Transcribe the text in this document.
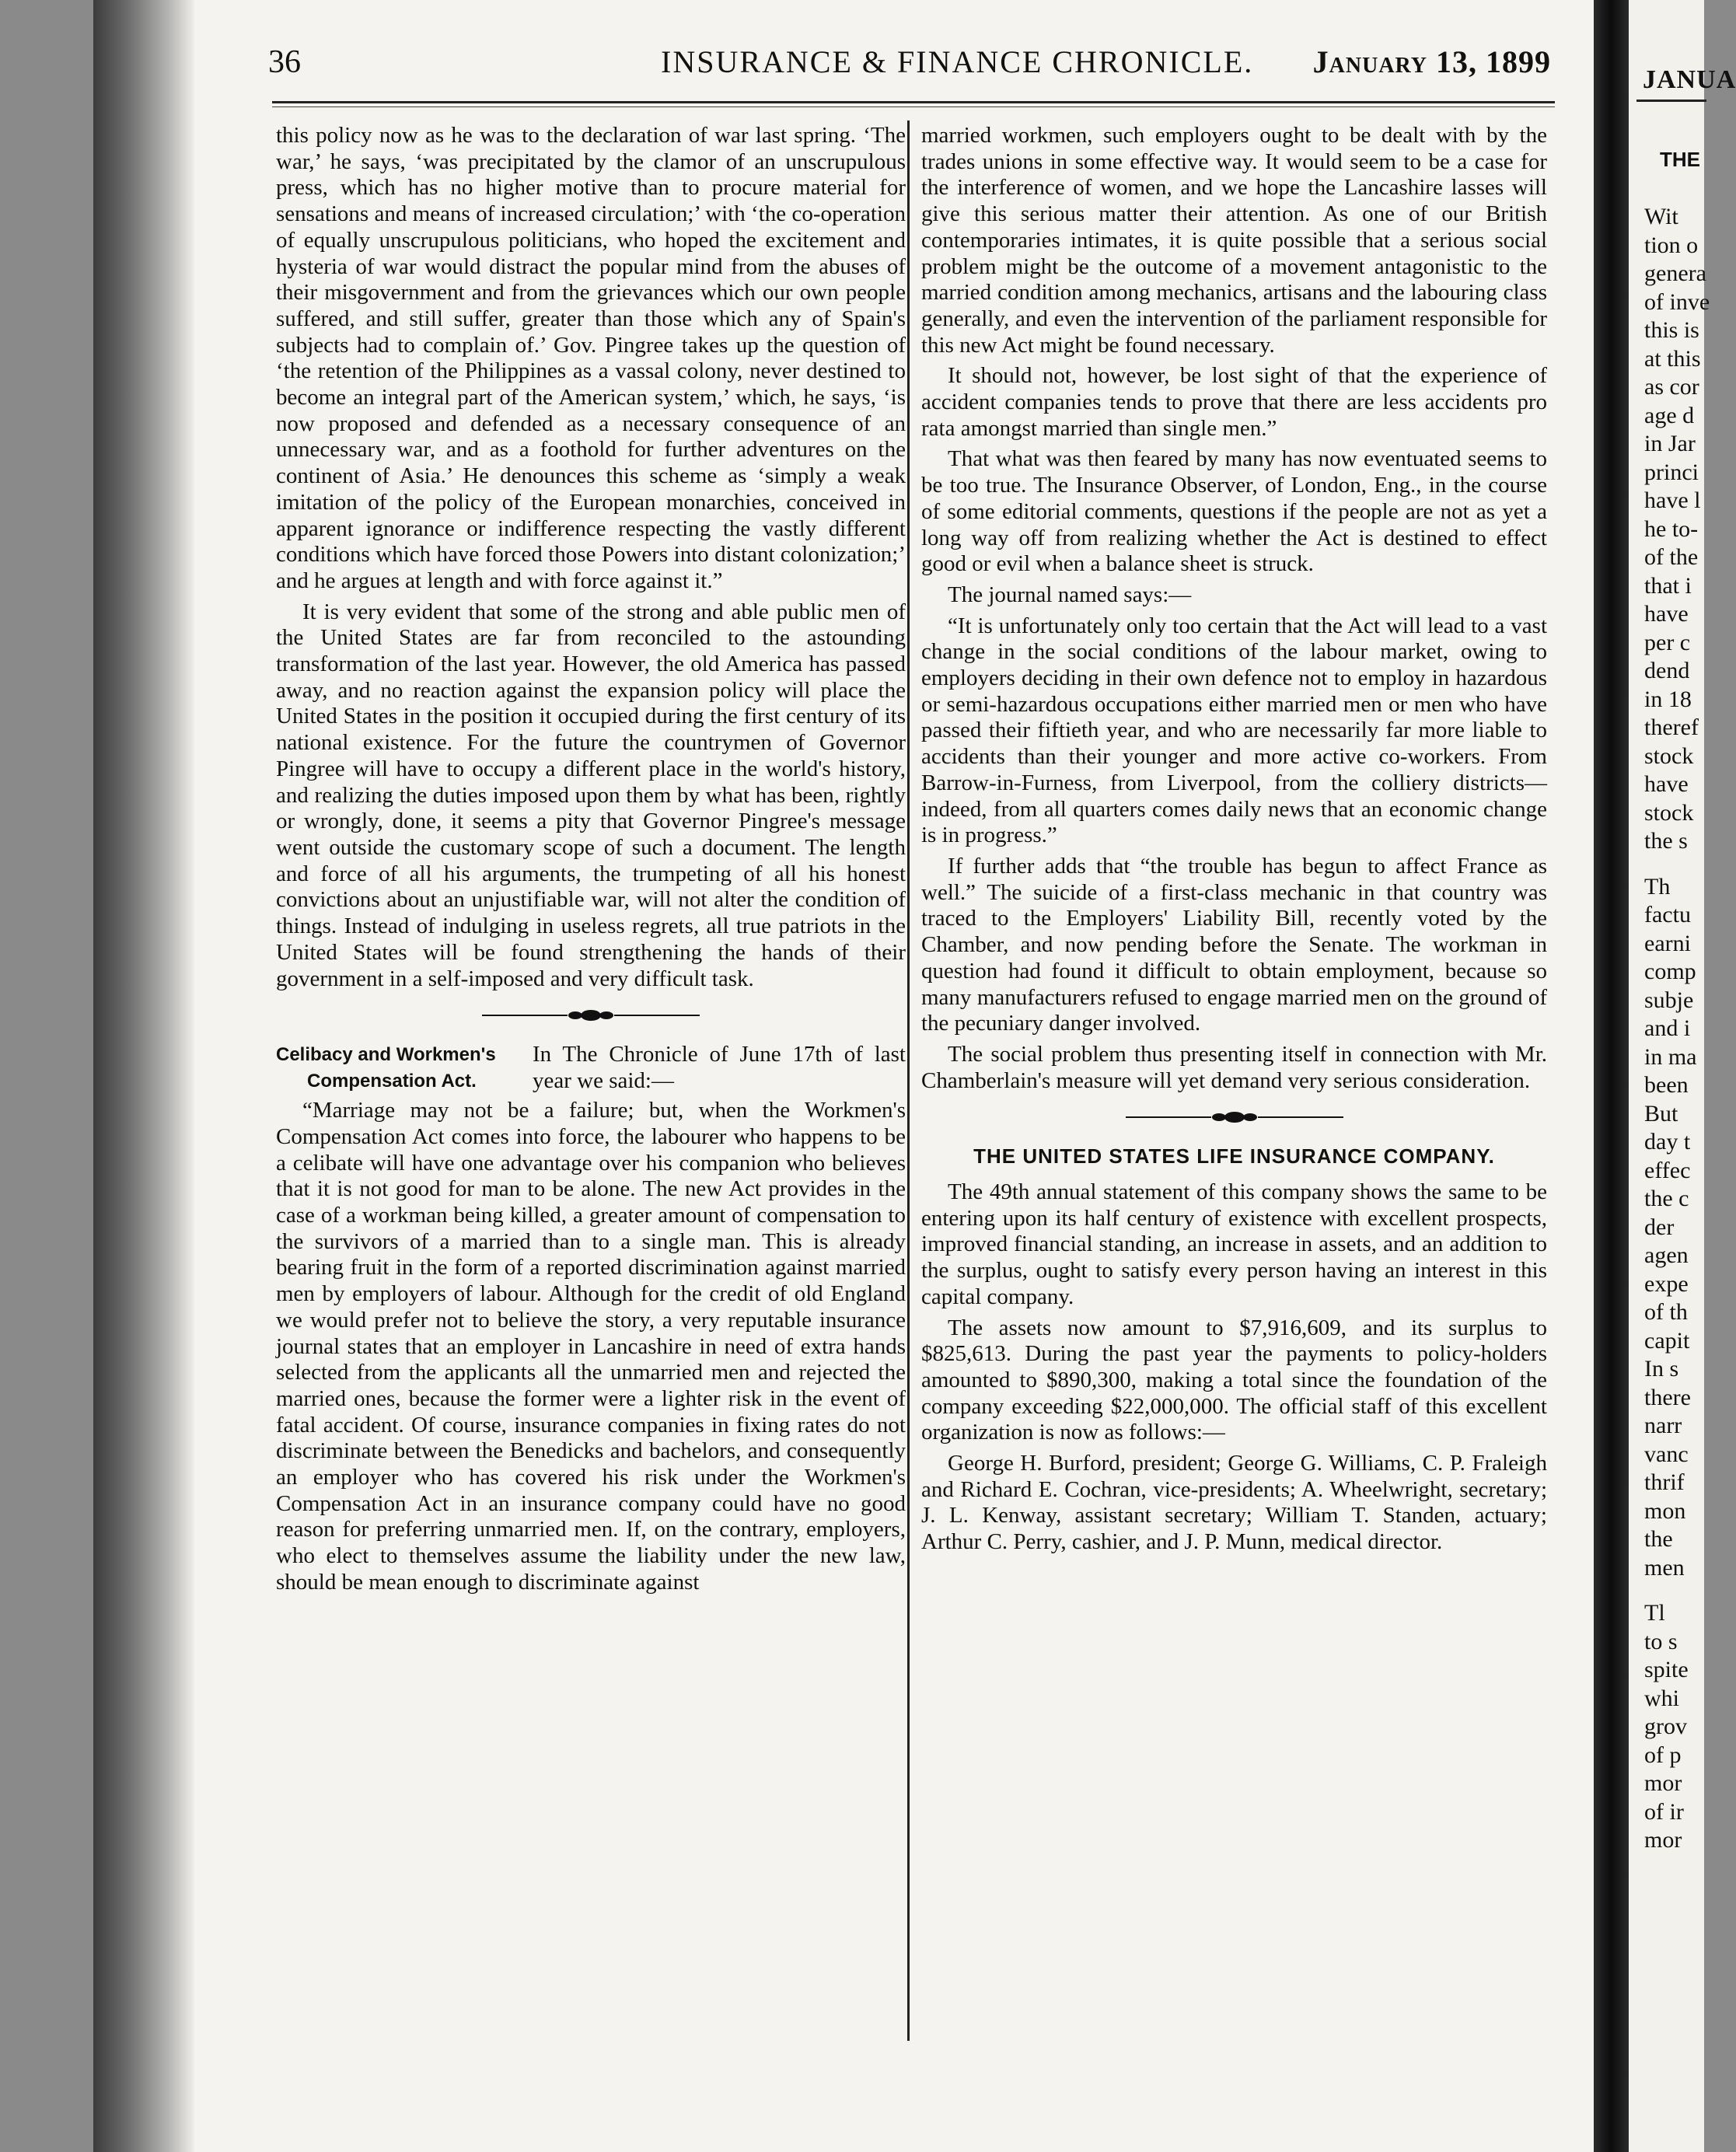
36	INSURANCE & FINANCE CHRONICLE. January 13, 1899

this policy now as he was to the declaration of war last spring. ‘The war,’ he says, ‘was precipitated by the clamor of an unscrupulous press, which has no higher motive than to procure material for sensations and means of increased circulation;’ with ‘the co-operation of equally unscrupulous politicians, who hoped the excitement and hysteria of war would distract the popular mind from the abuses of their misgovernment and from the grievances which our own people suffered, and still suffer, greater than those which any of Spain's subjects had to complain of.’ Gov. Pingree takes up the question of ‘the retention of the Philippines as a vassal colony, never destined to become an integral part of the American system,’ which, he says, ‘is now proposed and defended as a necessary consequence of an unnecessary war, and as a foothold for further adventures on the continent of Asia.’ He denounces this scheme as ‘simply a weak imitation of the policy of the European monarchies, conceived in apparent ignorance or indifference respecting the vastly different conditions which have forced those Powers into distant colonization;’ and he argues at length and with force against it.”

It is very evident that some of the strong and able public men of the United States are far from reconciled to the astounding transformation of the last year. However, the old America has passed away, and no reaction against the expansion policy will place the United States in the position it occupied during the first century of its national existence. For the future the countrymen of Governor Pingree will have to occupy a different place in the world's history, and realizing the duties imposed upon them by what has been, rightly or wrongly, done, it seems a pity that Governor Pingree's message went outside the customary scope of such a document. The length and force of all his arguments, the trumpeting of all his honest convictions about an unjustifiable war, will not alter the condition of things. Instead of indulging in useless regrets, all true patriots in the United States will be found strengthening the hands of their government in a self-imposed and very difficult task.

Celibacy and Workmen's
Compensation Act.
In The Chronicle of June 17th of last year we said:—

“Marriage may not be a failure; but, when the Workmen's Compensation Act comes into force, the labourer who happens to be a celibate will have one advantage over his companion who believes that it is not good for man to be alone. The new Act provides in the case of a workman being killed, a greater amount of compensation to the survivors of a married than to a single man. This is already bearing fruit in the form of a reported discrimination against married men by employers of labour. Although for the credit of old England we would prefer not to believe the story, a very reputable insurance journal states that an employer in Lancashire in need of extra hands selected from the applicants all the unmarried men and rejected the married ones, because the former were a lighter risk in the event of fatal accident. Of course, insurance companies in fixing rates do not discriminate between the Benedicks and bachelors, and consequently an employer who has covered his risk under the Workmen's Compensation Act in an insurance company could have no good reason for preferring unmarried men. If, on the contrary, employers, who elect to themselves assume the liability under the new law, should be mean enough to discriminate against

married workmen, such employers ought to be dealt with by the trades unions in some effective way. It would seem to be a case for the interference of women, and we hope the Lancashire lasses will give this serious matter their attention. As one of our British contemporaries intimates, it is quite possible that a serious social problem might be the outcome of a movement antagonistic to the married condition among mechanics, artisans and the labouring class generally, and even the intervention of the parliament responsible for this new Act might be found necessary.

It should not, however, be lost sight of that the experience of accident companies tends to prove that there are less accidents pro rata amongst married than single men.”

That what was then feared by many has now eventuated seems to be too true. The Insurance Observer, of London, Eng., in the course of some editorial comments, questions if the people are not as yet a long way off from realizing whether the Act is destined to effect good or evil when a balance sheet is struck.

The journal named says:—

“It is unfortunately only too certain that the Act will lead to a vast change in the social conditions of the labour market, owing to employers deciding in their own defence not to employ in hazardous or semi-hazardous occupations either married men or men who have passed their fiftieth year, and who are necessarily far more liable to accidents than their younger and more active co-workers. From Barrow-in-Furness, from Liverpool, from the colliery districts—indeed, from all quarters comes daily news that an economic change is in progress.”

If further adds that “the trouble has begun to affect France as well.” The suicide of a first-class mechanic in that country was traced to the Employers' Liability Bill, recently voted by the Chamber, and now pending before the Senate. The workman in question had found it difficult to obtain employment, because so many manufacturers refused to engage married men on the ground of the pecuniary danger involved.

The social problem thus presenting itself in connection with Mr. Chamberlain's measure will yet demand very serious consideration.

THE UNITED STATES LIFE INSURANCE COMPANY.

The 49th annual statement of this company shows the same to be entering upon its half century of existence with excellent prospects, improved financial standing, an increase in assets, and an addition to the surplus, ought to satisfy every person having an interest in this capital company.

The assets now amount to $7,916,609, and its surplus to $825,613. During the past year the payments to policy-holders amounted to $890,300, making a total since the foundation of the company exceeding $22,000,000. The official staff of this excellent organization is now as follows:—

George H. Burford, president; George G. Williams, C. P. Fraleigh and Richard E. Cochran, vice-presidents; A. Wheelwright, secretary; J. L. Kenway, assistant secretary; William T. Standen, actuary; Arthur C. Perry, cashier, and J. P. Munn, medical director.

JANUA
THE
Wit
tion o
genera
of inve
this is
at this
as cor
age d
in Jar
princi
have l
he to-
of the
that i
have
per c
dend
in 18
theref
stock
have
stock
the s
Th
factu
earni
comp
subje
and i
in ma
been
But
day t
effec
the c
der
agen
expe
of th
capit
In s
there
narr
vanc
thrif
mon
the
men
Tl
to s
spite
whi
grov
of p
mor
of ir
mor
